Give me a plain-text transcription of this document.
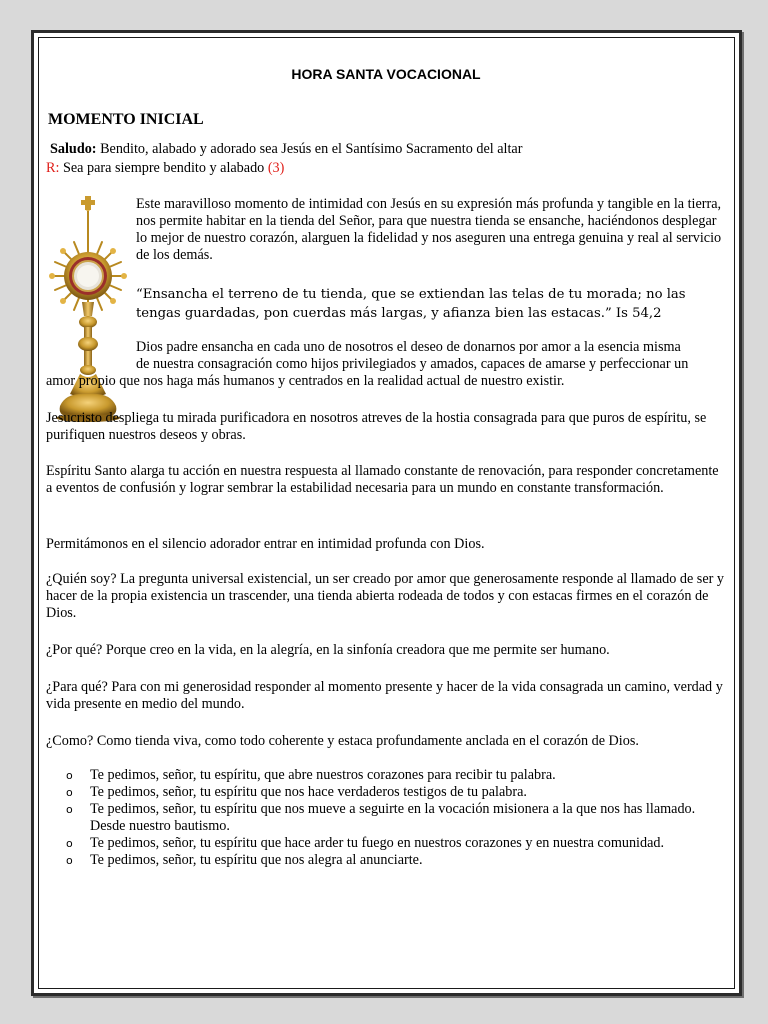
HORA SANTA VOCACIONAL
MOMENTO INICIAL
Saludo: Bendito, alabado y adorado sea Jesús en el Santísimo Sacramento del altar
R: Sea para siempre bendito y alabado (3)
Este maravilloso momento de intimidad con Jesús en su expresión más profunda y tangible en la tierra, nos permite habitar en la tienda del Señor, para que nuestra tienda se ensanche, haciéndonos desplegar lo mejor de nuestro corazón, alarguen la fidelidad y nos aseguren una entrega genuina y real al servicio de los demás.
“Ensancha el terreno de tu tienda, que se extiendan las telas de tu morada; no las tengas guardadas, pon cuerdas más largas, y afianza bien las estacas.” Is 54,2
Dios padre ensancha en cada uno de nosotros el deseo de donarnos por amor a la esencia misma
de nuestra consagración como hijos privilegiados y amados, capaces de amarse y perfeccionar un
amor propio que nos haga más humanos y centrados en la realidad actual de nuestro existir.
Jesucristo despliega tu mirada purificadora en nosotros atreves de la hostia consagrada para que puros de espíritu, se purifiquen nuestros deseos y obras.
Espíritu Santo alarga tu acción en nuestra respuesta al llamado constante de renovación, para responder concretamente a eventos de confusión y lograr sembrar la estabilidad necesaria para un mundo en constante transformación.
Permitámonos en el silencio adorador entrar en intimidad profunda con Dios.
¿Quién soy? La pregunta universal existencial, un ser creado por amor que generosamente responde al llamado de ser y hacer de la propia existencia un trascender, una tienda abierta rodeada de todos y con estacas firmes en el corazón de Dios.
¿Por qué? Porque creo en la vida, en la alegría, en la sinfonía creadora que me permite ser humano.
¿Para qué? Para con mi generosidad responder al momento presente y hacer de la vida consagrada un camino, verdad y vida presente en medio del mundo.
¿Como? Como tienda viva, como todo coherente y estaca profundamente anclada en el corazón de Dios.
o Te pedimos, señor, tu espíritu, que abre nuestros corazones para recibir tu palabra.
o Te pedimos, señor, tu espíritu que nos hace verdaderos testigos de tu palabra.
o Te pedimos, señor, tu espíritu que nos mueve a seguirte en la vocación misionera a la que nos has llamado. Desde nuestro bautismo.
o Te pedimos, señor, tu espíritu que hace arder tu fuego en nuestros corazones y en nuestra comunidad.
o Te pedimos, señor, tu espíritu que nos alegra al anunciarte.
